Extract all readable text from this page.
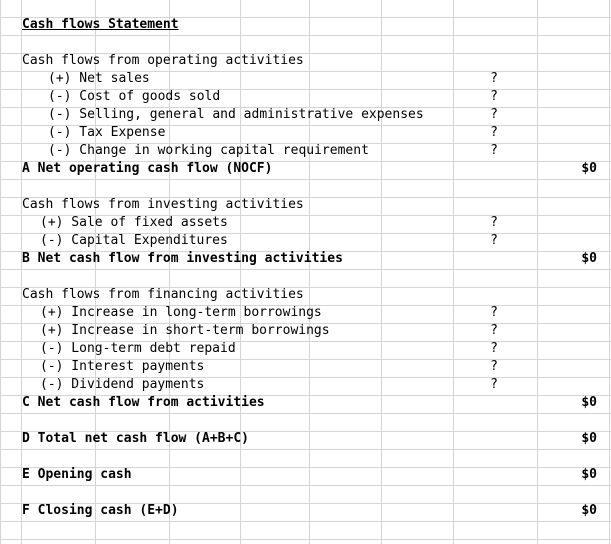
Cash flows Statement
Cash flows from operating activities
(+) Net sales	?
(-) Cost of goods sold	?
(-) Selling, general and administrative expenses	?
(-) Tax Expense	?
(-) Change in working capital requirement	?
A Net operating cash flow (NOCF)	$0
Cash flows from investing activities
(+) Sale of fixed assets	?
(-) Capital Expenditures	?
B Net cash flow from investing activities	$0
Cash flows from financing activities
(+) Increase in long-term borrowings	?
(+) Increase in short-term borrowings	?
(-) Long-term debt repaid	?
(-) Interest payments	?
(-) Dividend payments	?
C Net cash flow from activities	$0
D Total net cash flow (A+B+C)	$0
E Opening cash	$0
F Closing cash (E+D)	$0
